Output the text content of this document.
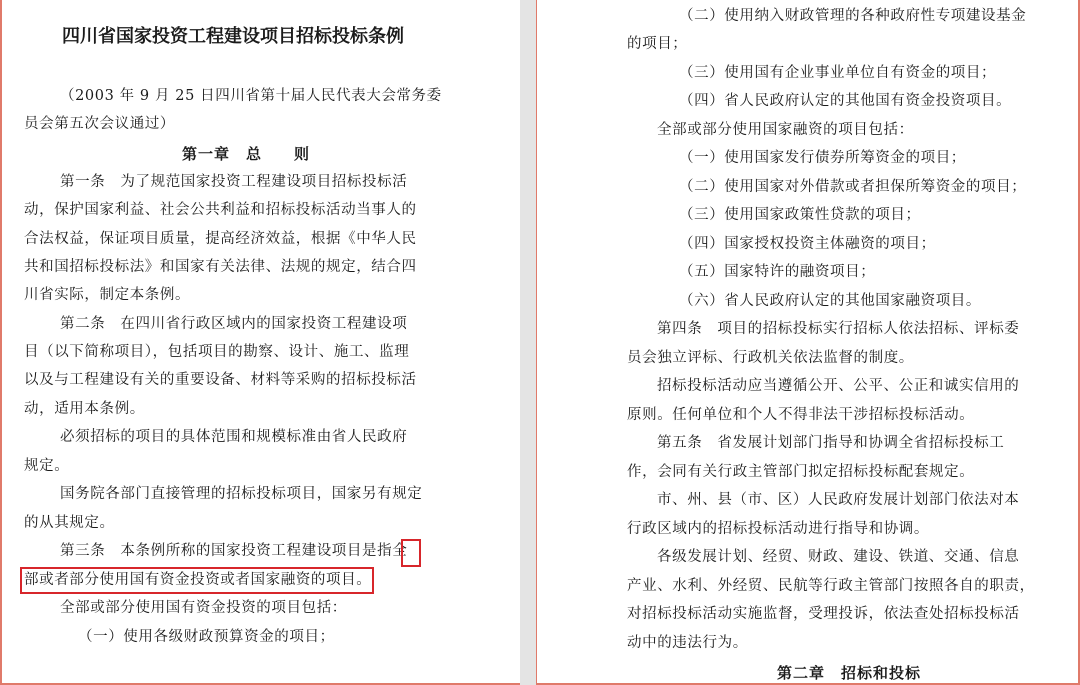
四川省国家投资工程建设项目招标投标条例
（2003 年 9 月 25 日四川省第十届人民代表大会常务委
员会第五次会议通过）
第一章　总　　则
第一条　为了规范国家投资工程建设项目招标投标活
动，保护国家利益、社会公共利益和招标投标活动当事人的
合法权益，保证项目质量，提高经济效益，根据《中华人民
共和国招标投标法》和国家有关法律、法规的规定，结合四
川省实际，制定本条例。
第二条　在四川省行政区域内的国家投资工程建设项
目（以下简称项目），包括项目的勘察、设计、施工、监理
以及与工程建设有关的重要设备、材料等采购的招标投标活
动，适用本条例。
必须招标的项目的具体范围和规模标准由省人民政府
规定。
国务院各部门直接管理的招标投标项目，国家另有规定
的从其规定。
第三条　本条例所称的国家投资工程建设项目是指全
部或者部分使用国有资金投资或者国家融资的项目。
全部或部分使用国有资金投资的项目包括：
（一）使用各级财政预算资金的项目；
（二）使用纳入财政管理的各种政府性专项建设基金
的项目；
（三）使用国有企业事业单位自有资金的项目；
（四）省人民政府认定的其他国有资金投资项目。
全部或部分使用国家融资的项目包括：
（一）使用国家发行债券所筹资金的项目；
（二）使用国家对外借款或者担保所筹资金的项目；
（三）使用国家政策性贷款的项目；
（四）国家授权投资主体融资的项目；
（五）国家特许的融资项目；
（六）省人民政府认定的其他国家融资项目。
第四条　项目的招标投标实行招标人依法招标、评标委
员会独立评标、行政机关依法监督的制度。
招标投标活动应当遵循公开、公平、公正和诚实信用的
原则。任何单位和个人不得非法干涉招标投标活动。
第五条　省发展计划部门指导和协调全省招标投标工
作，会同有关行政主管部门拟定招标投标配套规定。
市、州、县（市、区）人民政府发展计划部门依法对本
行政区域内的招标投标活动进行指导和协调。
各级发展计划、经贸、财政、建设、铁道、交通、信息
产业、水利、外经贸、民航等行政主管部门按照各自的职责，
对招标投标活动实施监督，受理投诉，依法查处招标投标活
动中的违法行为。
第二章　招标和投标
